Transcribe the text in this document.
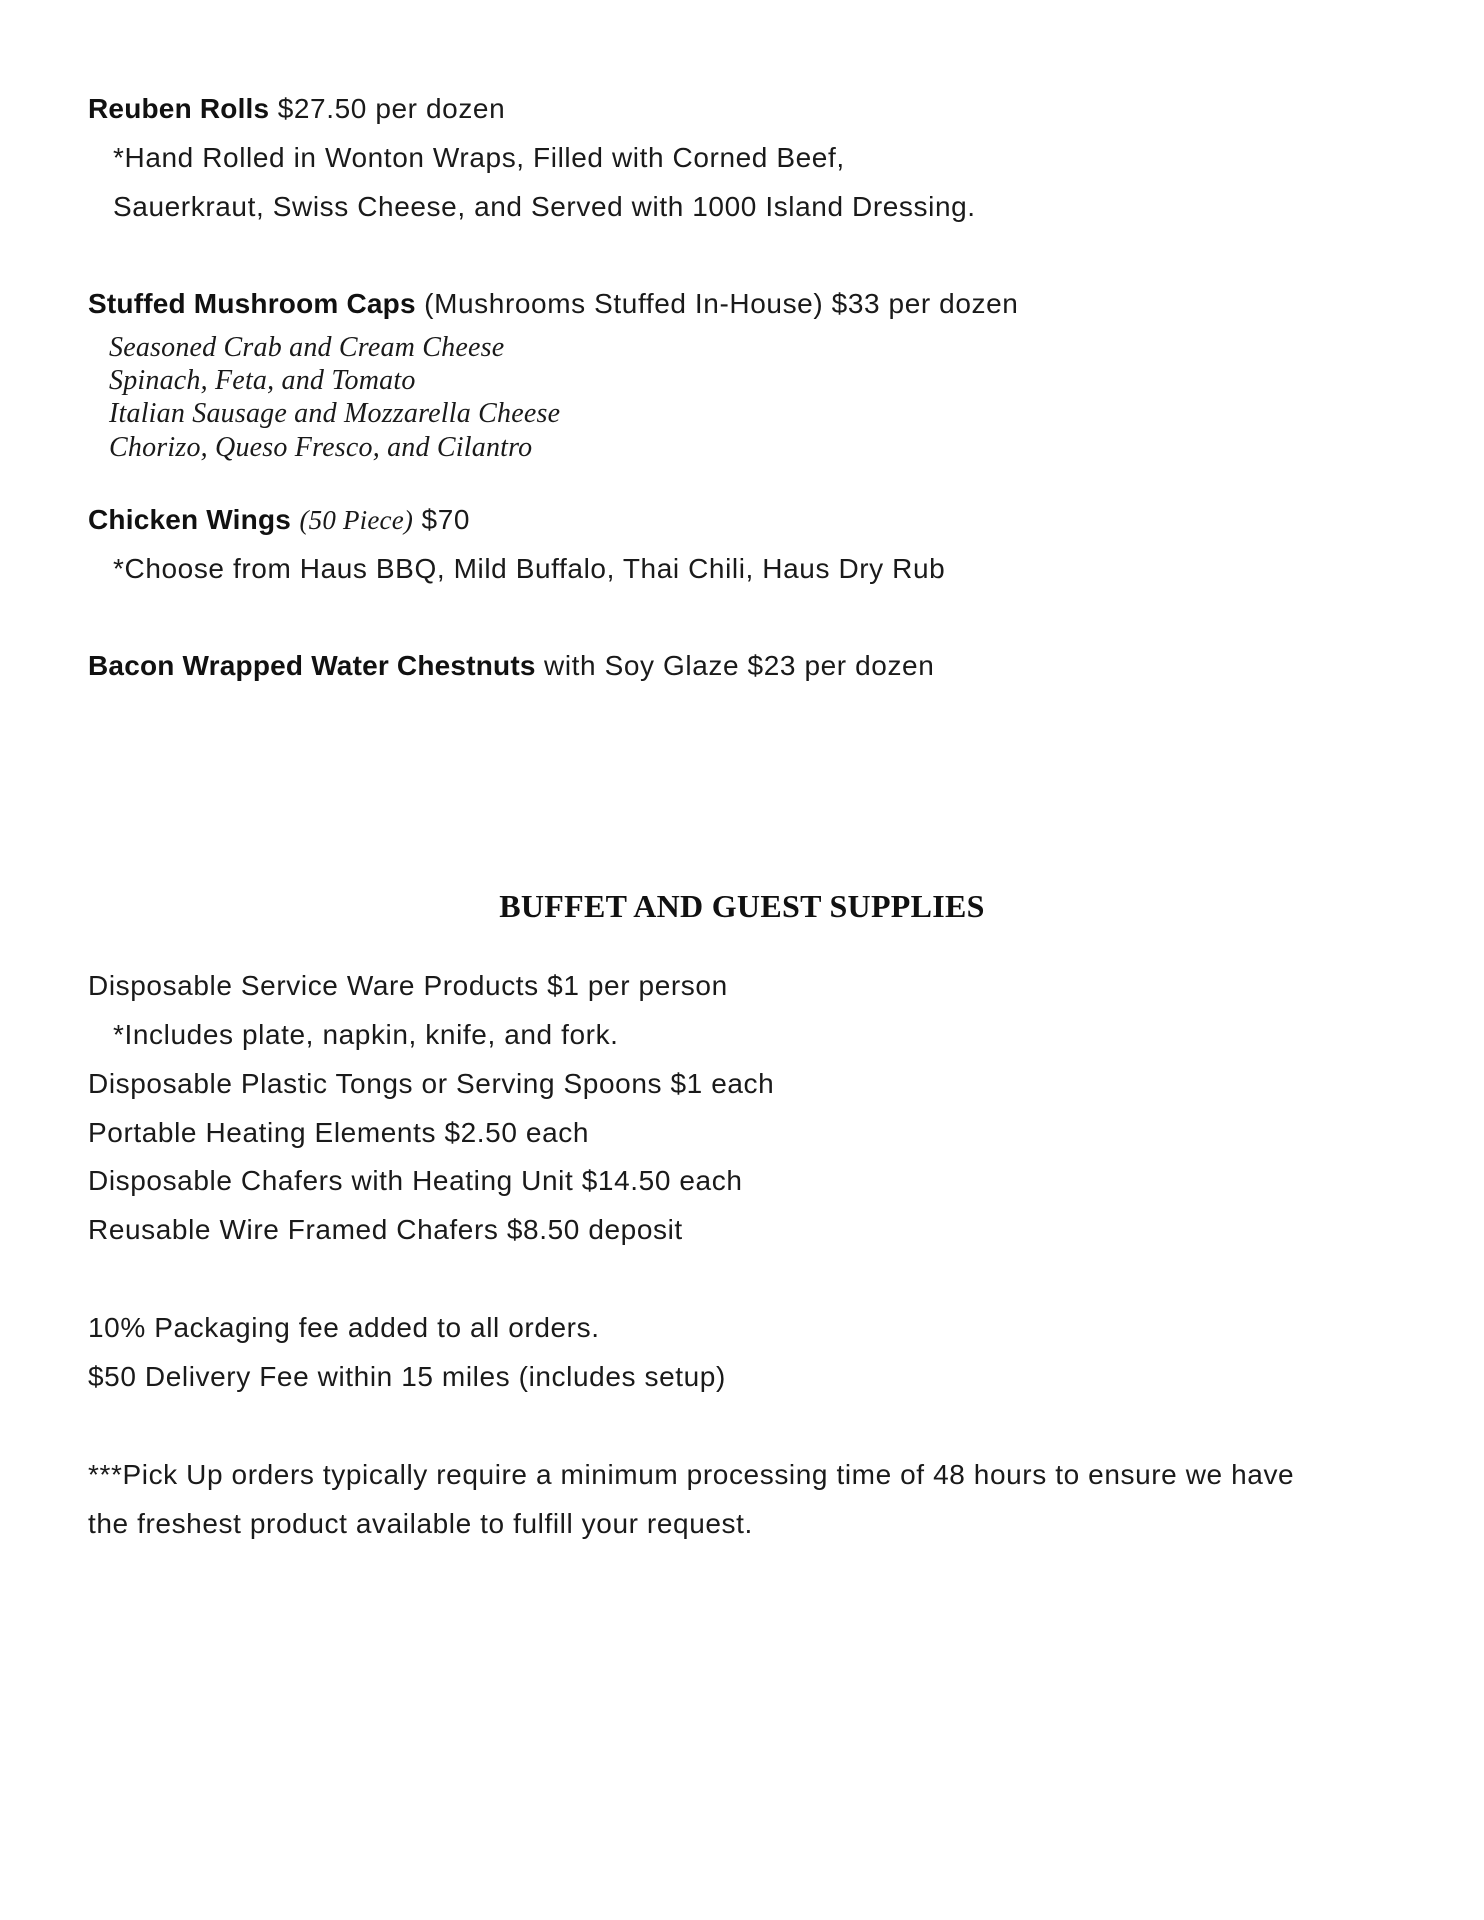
Reuben Rolls $27.50 per dozen
*Hand Rolled in Wonton Wraps, Filled with Corned Beef,
Sauerkraut, Swiss Cheese, and Served with 1000 Island Dressing.
Stuffed Mushroom Caps (Mushrooms Stuffed In-House) $33 per dozen
Seasoned Crab and Cream Cheese
Spinach, Feta, and Tomato
Italian Sausage and Mozzarella Cheese
Chorizo, Queso Fresco, and Cilantro
Chicken Wings (50 Piece) $70
*Choose from Haus BBQ, Mild Buffalo, Thai Chili, Haus Dry Rub
Bacon Wrapped Water Chestnuts with Soy Glaze $23 per dozen
BUFFET AND GUEST SUPPLIES
Disposable Service Ware Products $1 per person
*Includes plate, napkin, knife, and fork.
Disposable Plastic Tongs or Serving Spoons $1 each
Portable Heating Elements $2.50 each
Disposable Chafers with Heating Unit $14.50 each
Reusable Wire Framed Chafers $8.50 deposit
10% Packaging fee added to all orders.
$50 Delivery Fee within 15 miles (includes setup)
***Pick Up orders typically require a minimum processing time of 48 hours to ensure we have
the freshest product available to fulfill your request.
